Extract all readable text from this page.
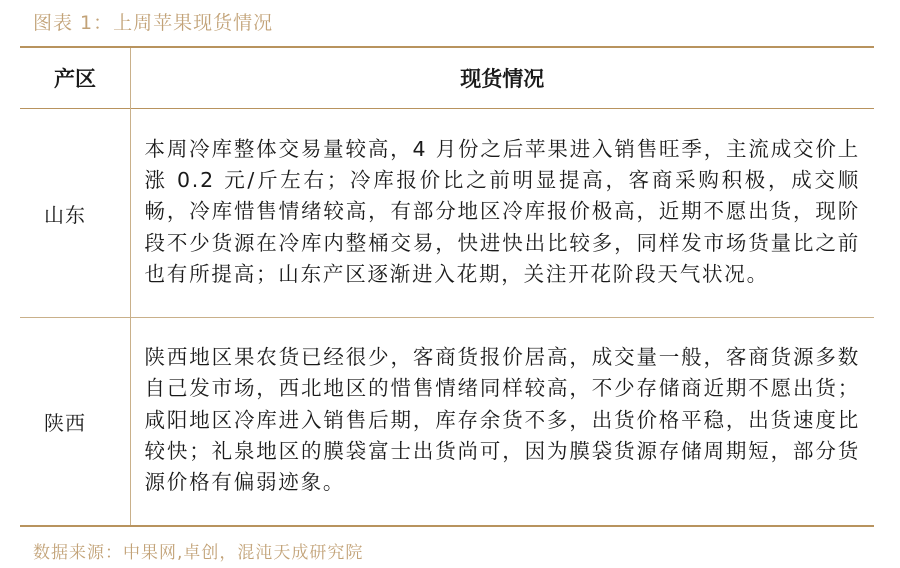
图表 1：上周苹果现货情况
产区	现货情况
山东	本周冷库整体交易量较高，4 月份之后苹果进入销售旺季，主流成交价上涨 0.2 元/斤左右；冷库报价比之前明显提高，客商采购积极，成交顺畅，冷库惜售情绪较高，有部分地区冷库报价极高，近期不愿出货，现阶段不少货源在冷库内整桶交易，快进快出比较多，同样发市场货量比之前也有所提高；山东产区逐渐进入花期，关注开花阶段天气状况。
陕西	陕西地区果农货已经很少，客商货报价居高，成交量一般，客商货源多数自己发市场，西北地区的惜售情绪同样较高，不少存储商近期不愿出货；咸阳地区冷库进入销售后期，库存余货不多，出货价格平稳，出货速度比较快；礼泉地区的膜袋富士出货尚可，因为膜袋货源存储周期短，部分货源价格有偏弱迹象。
数据来源：中果网,卓创，混沌天成研究院
